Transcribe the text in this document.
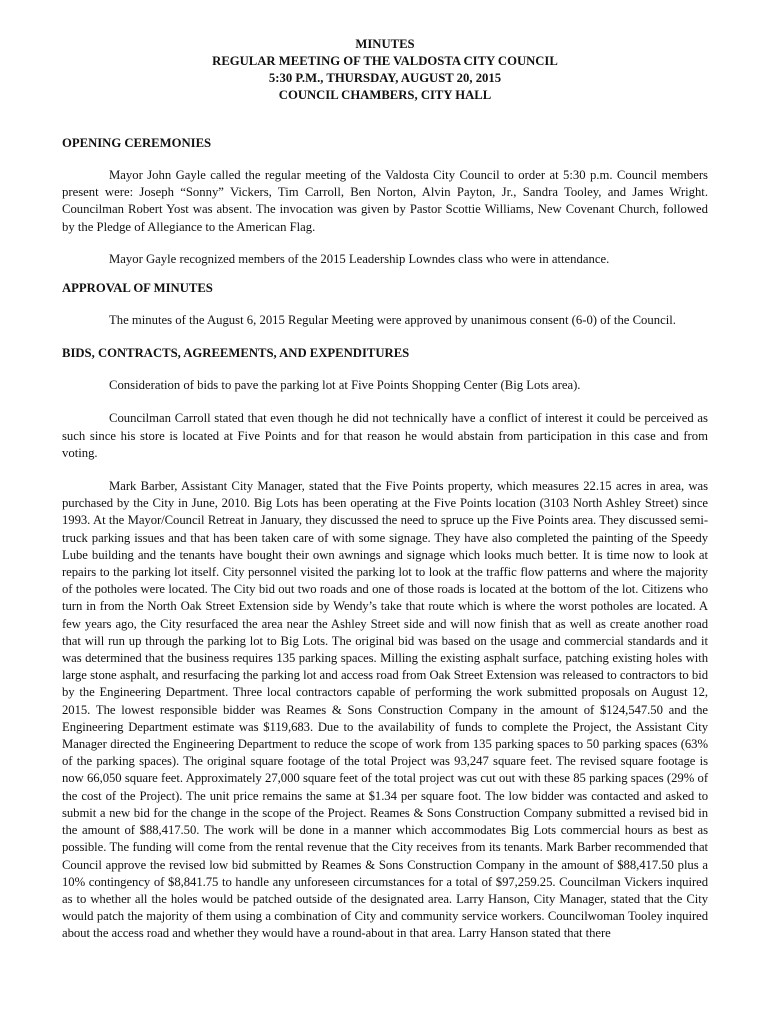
MINUTES
REGULAR MEETING OF THE VALDOSTA CITY COUNCIL
5:30 P.M., THURSDAY, AUGUST 20, 2015
COUNCIL CHAMBERS, CITY HALL
OPENING CEREMONIES

Mayor John Gayle called the regular meeting of the Valdosta City Council to order at 5:30 p.m. Council members present were: Joseph “Sonny” Vickers, Tim Carroll, Ben Norton, Alvin Payton, Jr., Sandra Tooley, and James Wright. Councilman Robert Yost was absent. The invocation was given by Pastor Scottie Williams, New Covenant Church, followed by the Pledge of Allegiance to the American Flag.

Mayor Gayle recognized members of the 2015 Leadership Lowndes class who were in attendance.

APPROVAL OF MINUTES

The minutes of the August 6, 2015 Regular Meeting were approved by unanimous consent (6-0) of the Council.

BIDS, CONTRACTS, AGREEMENTS, AND EXPENDITURES

Consideration of bids to pave the parking lot at Five Points Shopping Center (Big Lots area).

Councilman Carroll stated that even though he did not technically have a conflict of interest it could be perceived as such since his store is located at Five Points and for that reason he would abstain from participation in this case and from voting.

Mark Barber, Assistant City Manager, stated that the Five Points property, which measures 22.15 acres in area, was purchased by the City in June, 2010. Big Lots has been operating at the Five Points location (3103 North Ashley Street) since 1993. At the Mayor/Council Retreat in January, they discussed the need to spruce up the Five Points area. They discussed semi-truck parking issues and that has been taken care of with some signage. They have also completed the painting of the Speedy Lube building and the tenants have bought their own awnings and signage which looks much better. It is time now to look at repairs to the parking lot itself. City personnel visited the parking lot to look at the traffic flow patterns and where the majority of the potholes were located. The City bid out two roads and one of those roads is located at the bottom of the lot. Citizens who turn in from the North Oak Street Extension side by Wendy’s take that route which is where the worst potholes are located. A few years ago, the City resurfaced the area near the Ashley Street side and will now finish that as well as create another road that will run up through the parking lot to Big Lots. The original bid was based on the usage and commercial standards and it was determined that the business requires 135 parking spaces. Milling the existing asphalt surface, patching existing holes with large stone asphalt, and resurfacing the parking lot and access road from Oak Street Extension was released to contractors to bid by the Engineering Department. Three local contractors capable of performing the work submitted proposals on August 12, 2015. The lowest responsible bidder was Reames & Sons Construction Company in the amount of $124,547.50 and the Engineering Department estimate was $119,683. Due to the availability of funds to complete the Project, the Assistant City Manager directed the Engineering Department to reduce the scope of work from 135 parking spaces to 50 parking spaces (63% of the parking spaces). The original square footage of the total Project was 93,247 square feet. The revised square footage is now 66,050 square feet. Approximately 27,000 square feet of the total project was cut out with these 85 parking spaces (29% of the cost of the Project). The unit price remains the same at $1.34 per square foot. The low bidder was contacted and asked to submit a new bid for the change in the scope of the Project. Reames & Sons Construction Company submitted a revised bid in the amount of $88,417.50. The work will be done in a manner which accommodates Big Lots commercial hours as best as possible. The funding will come from the rental revenue that the City receives from its tenants. Mark Barber recommended that Council approve the revised low bid submitted by Reames & Sons Construction Company in the amount of $88,417.50 plus a 10% contingency of $8,841.75 to handle any unforeseen circumstances for a total of $97,259.25. Councilman Vickers inquired as to whether all the holes would be patched outside of the designated area. Larry Hanson, City Manager, stated that the City would patch the majority of them using a combination of City and community service workers. Councilwoman Tooley inquired about the access road and whether they would have a round-about in that area. Larry Hanson stated that there
